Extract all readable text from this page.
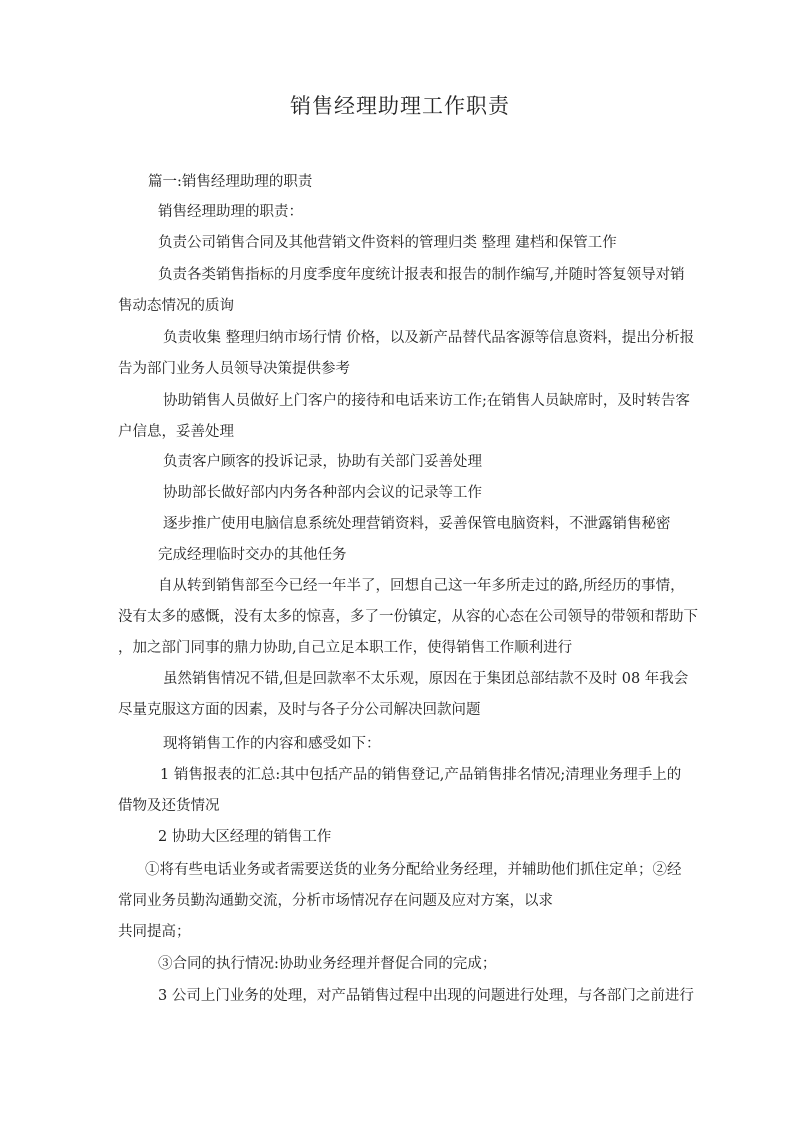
销售经理助理工作职责

篇一:销售经理助理的职责

销售经理助理的职责：

负责公司销售合同及其他营销文件资料的管理归类 整理 建档和保管工作

负责各类销售指标的月度季度年度统计报表和报告的制作编写,并随时答复领导对销

售动态情况的质询

负责收集 整理归纳市场行情 价格，以及新产品替代品客源等信息资料，提出分析报

告为部门业务人员领导决策提供参考

协助销售人员做好上门客户的接待和电话来访工作;在销售人员缺席时，及时转告客

户信息，妥善处理

负责客户顾客的投诉记录，协助有关部门妥善处理

协助部长做好部内内务各种部内会议的记录等工作

逐步推广使用电脑信息系统处理营销资料，妥善保管电脑资料，不泄露销售秘密

完成经理临时交办的其他任务

自从转到销售部至今已经一年半了，回想自己这一年多所走过的路,所经历的事情，

没有太多的感慨，没有太多的惊喜，多了一份镇定，从容的心态在公司领导的带领和帮助下

，加之部门同事的鼎力协助,自己立足本职工作，使得销售工作顺利进行

虽然销售情况不错,但是回款率不太乐观，原因在于集团总部结款不及时 08 年我会

尽量克服这方面的因素，及时与各子分公司解决回款问题

现将销售工作的内容和感受如下：

1 销售报表的汇总:其中包括产品的销售登记,产品销售排名情况;清理业务理手上的

借物及还货情况

2 协助大区经理的销售工作

①将有些电话业务或者需要送货的业务分配给业务经理，并辅助他们抓住定单；②经

常同业务员勤沟通勤交流，分析市场情况存在问题及应对方案，以求

共同提高；

③合同的执行情况:协助业务经理并督促合同的完成；

3 公司上门业务的处理，对产品销售过程中出现的问题进行处理，与各部门之前进行
